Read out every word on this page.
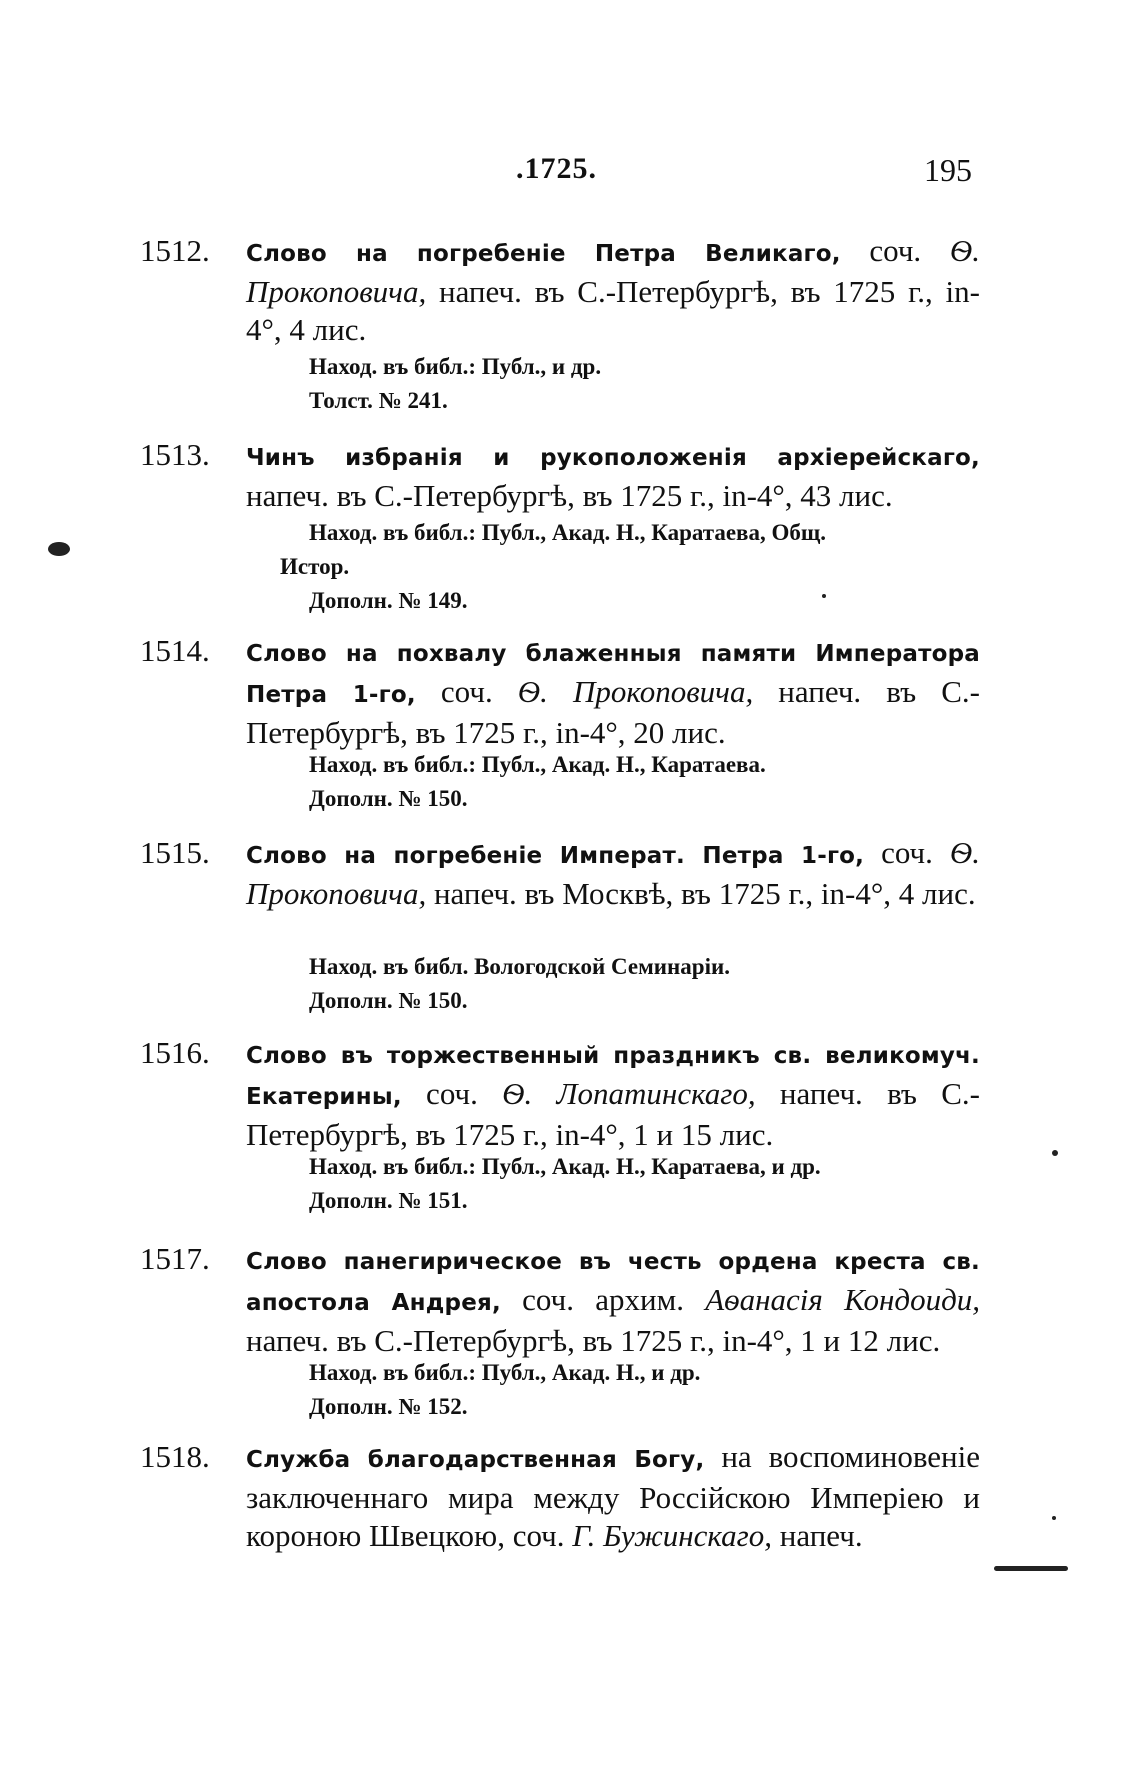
.1725.	195
1512. Слово на погребеніе Петра Великаго, соч. Ѳ. Прокоповича, напеч. въ С.-Петербургѣ, въ 1725 г., in-4°, 4 лис.
Наход. въ библ.: Публ., и др.
Толст. № 241.
1513. Чинъ избранія и рукоположенія архіерейскаго, напеч. въ С.-Петербургѣ, въ 1725 г., in-4°, 43 лис.
Наход. въ библ.: Публ., Акад. Н., Каратаева, Общ.
Истор.
Дополн. № 149.
1514. Слово на похвалу блаженныя памяти Императора Петра 1-го, соч. Ѳ. Прокоповича, напеч. въ С.-Петербургѣ, въ 1725 г., in-4°, 20 лис.
Наход. въ библ.: Публ., Акад. Н., Каратаева.
Дополн. № 150.
1515. Слово на погребеніе Императ. Петра 1-го, соч. Ѳ. Прокоповича, напеч. въ Москвѣ, въ 1725 г., in-4°, 4 лис.
Наход. въ библ. Вологодской Семинаріи.
Дополн. № 150.
1516. Слово въ торжественный праздникъ св. великомуч. Екатерины, соч. Ѳ. Лопатинскаго, напеч. въ С.-Петербургѣ, въ 1725 г., in-4°, 1 и 15 лис.
Наход. въ библ.: Публ., Акад. Н., Каратаева, и др.
Дополн. № 151.
1517. Слово панегирическое въ честь ордена креста св. апостола Андрея, соч. архим. Аѳанасія Кондоиди, напеч. въ С.-Петербургѣ, въ 1725 г., in-4°, 1 и 12 лис.
Наход. въ библ.: Публ., Акад. Н., и др.
Дополн. № 152.
1518. Служба благодарственная Богу, на воспоминовеніе заключеннаго мира между Россійскою Имперіею и короною Швецкою, соч. Г. Бужинскаго, напеч.
